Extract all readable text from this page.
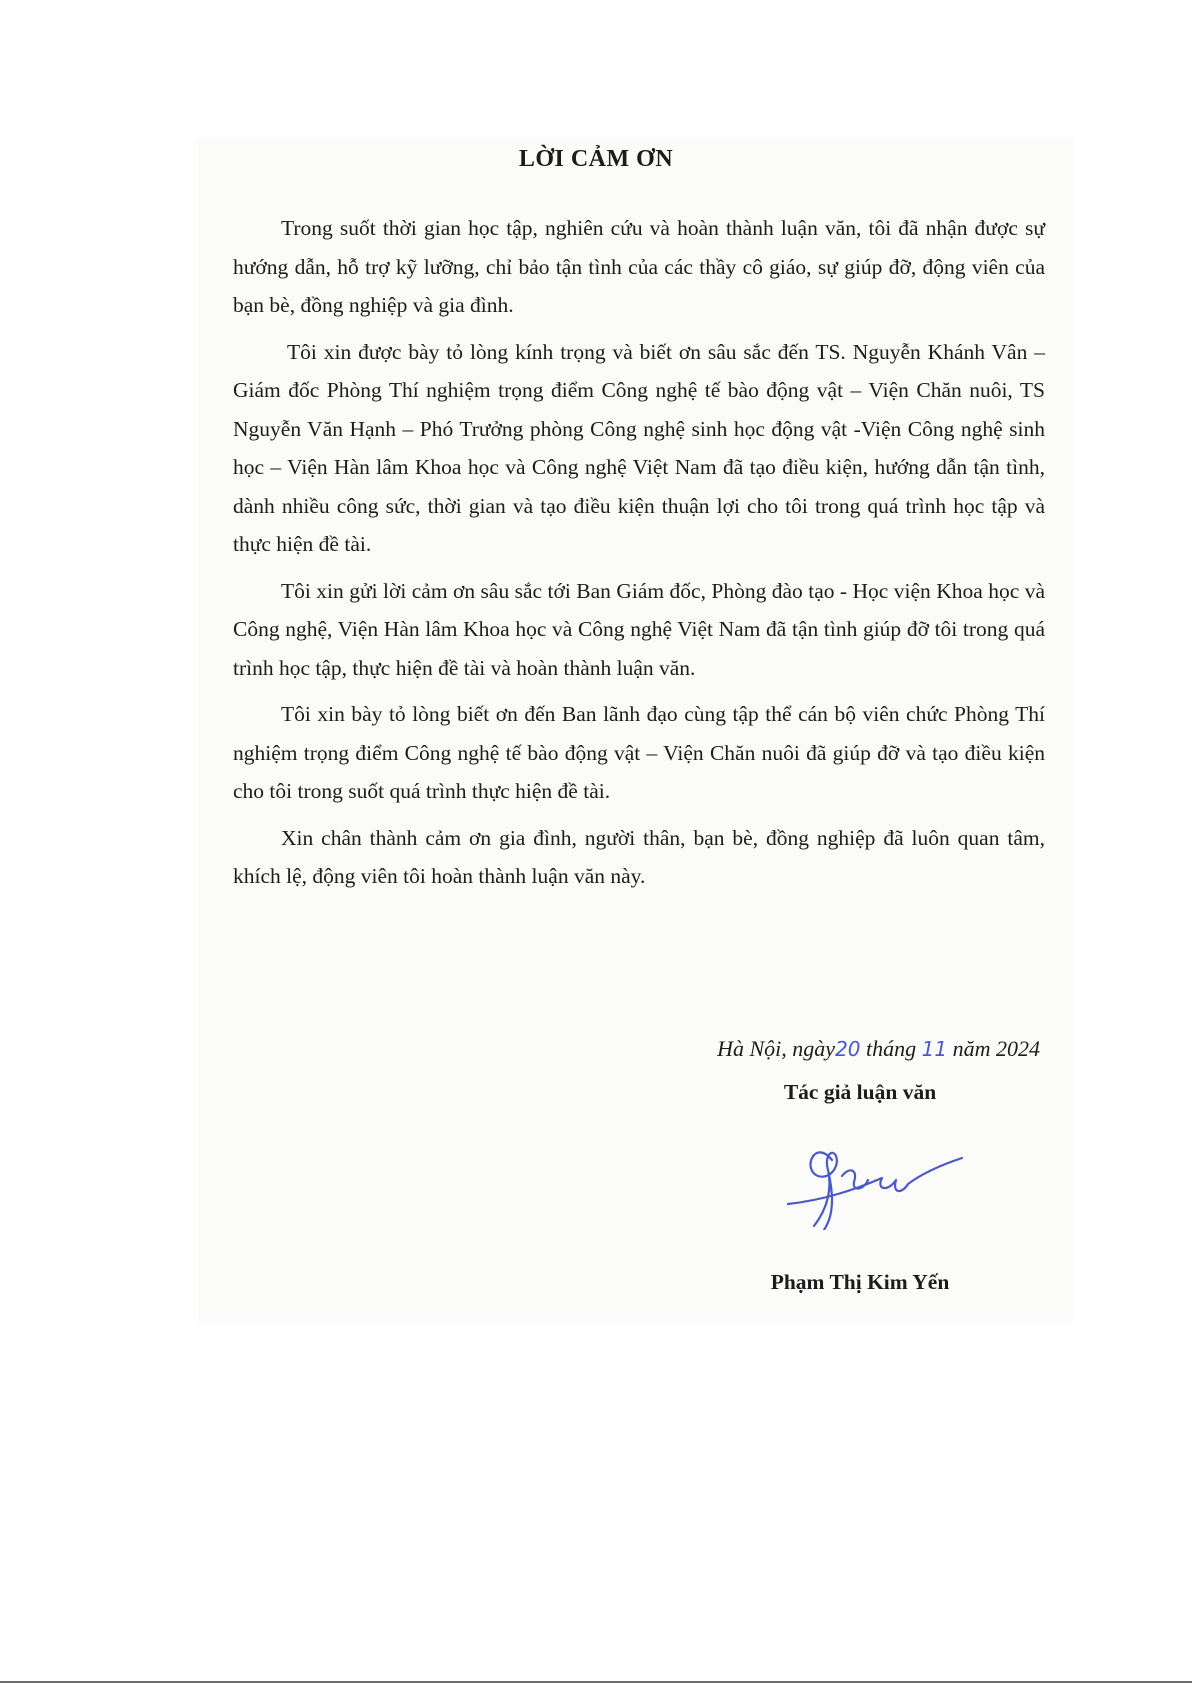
LỜI CẢM ƠN

Trong suốt thời gian học tập, nghiên cứu và hoàn thành luận văn, tôi đã nhận được sự hướng dẫn, hỗ trợ kỹ lưỡng, chỉ bảo tận tình của các thầy cô giáo, sự giúp đỡ, động viên của bạn bè, đồng nghiệp và gia đình.

Tôi xin được bày tỏ lòng kính trọng và biết ơn sâu sắc đến TS. Nguyễn Khánh Vân – Giám đốc Phòng Thí nghiệm trọng điểm Công nghệ tế bào động vật – Viện Chăn nuôi, TS Nguyễn Văn Hạnh – Phó Trưởng phòng Công nghệ sinh học động vật -Viện Công nghệ sinh học – Viện Hàn lâm Khoa học và Công nghệ Việt Nam đã tạo điều kiện, hướng dẫn tận tình, dành nhiều công sức, thời gian và tạo điều kiện thuận lợi cho tôi trong quá trình học tập và thực hiện đề tài.

Tôi xin gửi lời cảm ơn sâu sắc tới Ban Giám đốc, Phòng đào tạo - Học viện Khoa học và Công nghệ, Viện Hàn lâm Khoa học và Công nghệ Việt Nam đã tận tình giúp đỡ tôi trong quá trình học tập, thực hiện đề tài và hoàn thành luận văn.

Tôi xin bày tỏ lòng biết ơn đến Ban lãnh đạo cùng tập thể cán bộ viên chức Phòng Thí nghiệm trọng điểm Công nghệ tế bào động vật – Viện Chăn nuôi đã giúp đỡ và tạo điều kiện cho tôi trong suốt quá trình thực hiện đề tài.

Xin chân thành cảm ơn gia đình, người thân, bạn bè, đồng nghiệp đã luôn quan tâm, khích lệ, động viên tôi hoàn thành luận văn này.

Hà Nội, ngày20 tháng 11 năm 2024
Tác giả luận văn
Phạm Thị Kim Yến
